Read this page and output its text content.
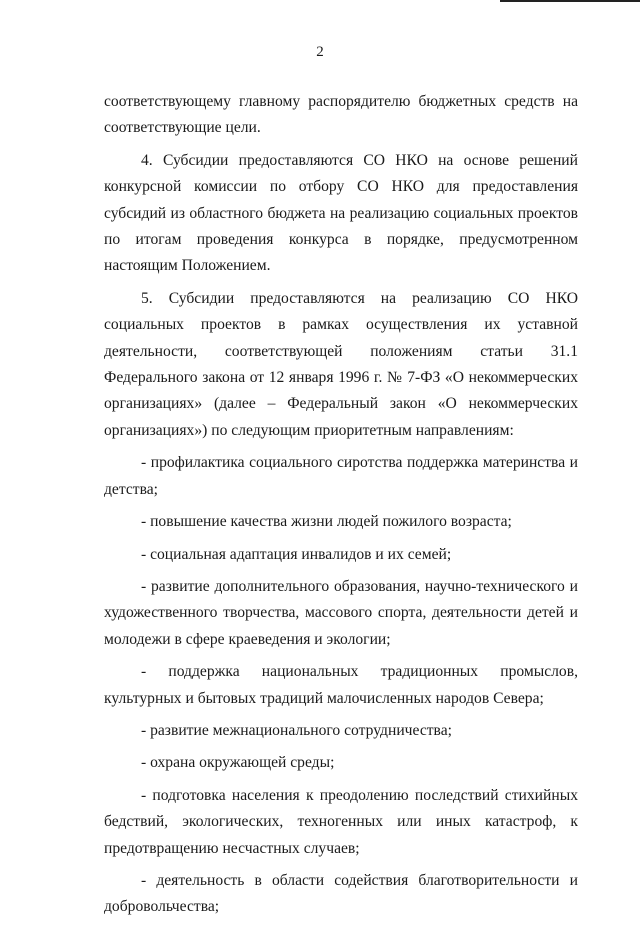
2

соответствующему главному распорядителю бюджетных средств на соответствующие цели.

4. Субсидии предоставляются СО НКО на основе решений конкурсной комиссии по отбору СО НКО для предоставления субсидий из областного бюджета на реализацию социальных проектов по итогам проведения конкурса в порядке, предусмотренном настоящим Положением.

5. Субсидии предоставляются на реализацию СО НКО социальных проектов в рамках осуществления их уставной деятельности, соответствующей положениям статьи 31.1 Федерального закона от 12 января 1996 г. № 7-ФЗ «О некоммерческих организациях» (далее – Федеральный закон «О некоммерческих организациях») по следующим приоритетным направлениям:

- профилактика социального сиротства поддержка материнства и детства;

- повышение качества жизни людей пожилого возраста;

- социальная адаптация инвалидов и их семей;

- развитие дополнительного образования, научно-технического и художественного творчества, массового спорта, деятельности детей и молодежи в сфере краеведения и экологии;

- поддержка национальных традиционных промыслов, культурных и бытовых традиций малочисленных народов Севера;

- развитие межнационального сотрудничества;

- охрана окружающей среды;

- подготовка населения к преодолению последствий стихийных бедствий, экологических, техногенных или иных катастроф, к предотвращению несчастных случаев;

- деятельность в области содействия благотворительности и добровольчества;
